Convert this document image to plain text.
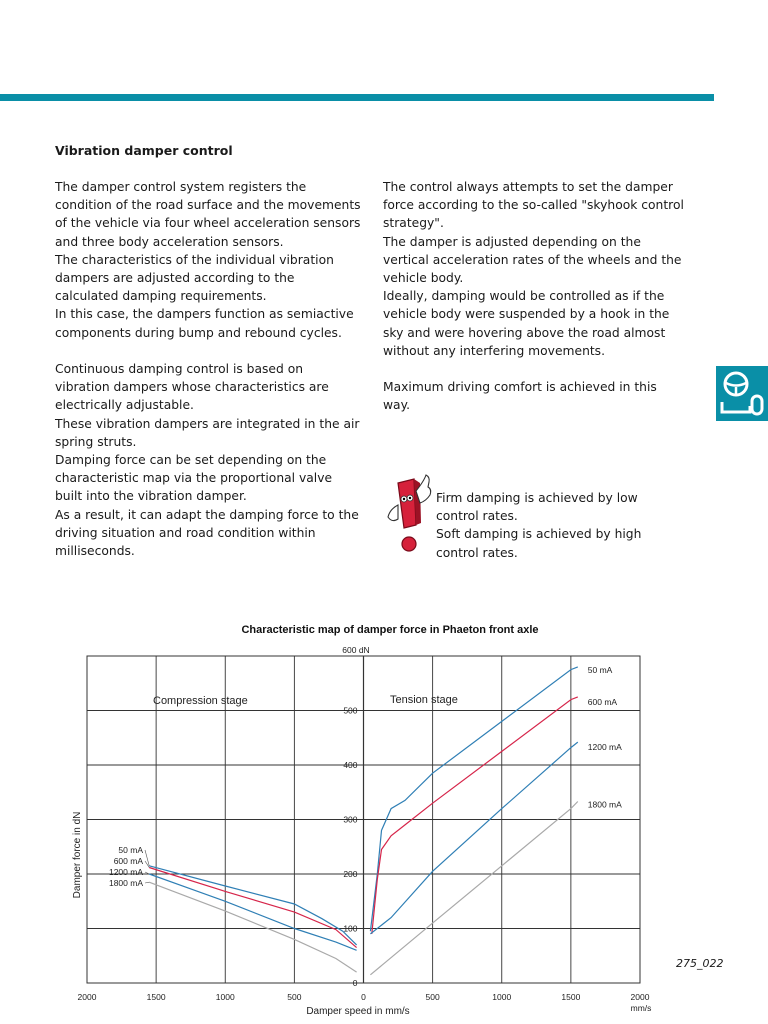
Vibration damper control

The damper control system registers the
condition of the road surface and the movements
of the vehicle via four wheel acceleration sensors
and three body acceleration sensors.
The characteristics of the individual vibration
dampers are adjusted according to the
calculated damping requirements.
In this case, the dampers function as semiactive
components during bump and rebound cycles.

Continuous damping control is based on
vibration dampers whose characteristics are
electrically adjustable.
These vibration dampers are integrated in the air
spring struts.
Damping force can be set depending on the
characteristic map via the proportional valve
built into the vibration damper.
As a result, it can adapt the damping force to the
driving situation and road condition within
milliseconds.

The control always attempts to set the damper
force according to the so-called "skyhook control
strategy".
The damper is adjusted depending on the
vertical acceleration rates of the wheels and the
vehicle body.
Ideally, damping would be controlled as if the
vehicle body were suspended by a hook in the
sky and were hovering above the road almost
without any interfering movements.

Maximum driving comfort is achieved in this
way.

Firm damping is achieved by low
control rates.
Soft damping is achieved by high
control rates.
275_022
Characteristic map of damper force in Phaeton front axle
600 dN
mm/s
Damper speed in mm/s
Damper force in dN
Compression stage	Tension stage
2000	1500	1000	500	0	500	1000	1500	2000
0
100
200
300
400
500
50 mA
50 mA
600 mA
600 mA
1200 mA
1200 mA
1800 mA
1800 mA
